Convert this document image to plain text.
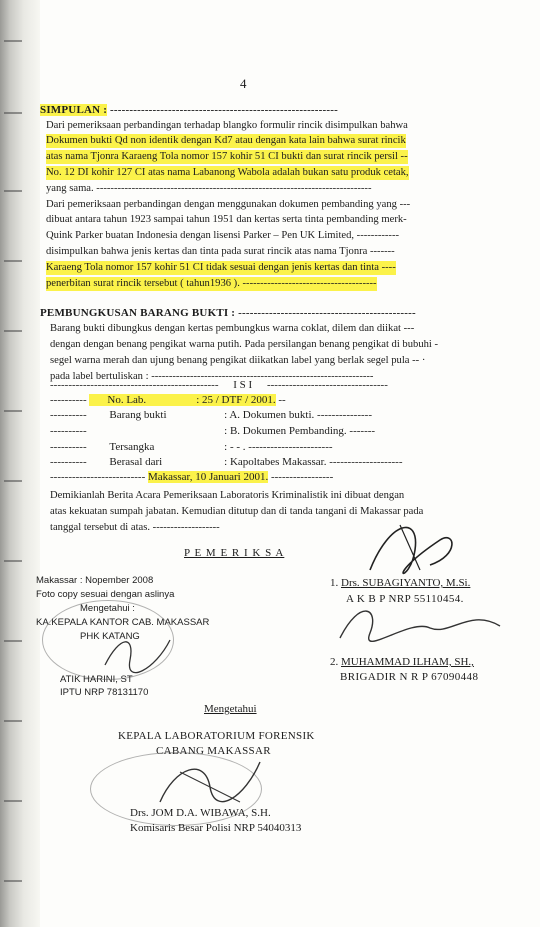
4
SIMPULAN : -----------------------------------------------------------
Dari pemeriksaan perbandingan terhadap blangko formulir rincik disimpulkan bahwa
Dokumen bukti Qd non identik dengan Kd7 atau dengan kata lain bahwa surat rincik
atas nama Tjonra Karaeng Tola nomor 157 kohir 51 CI bukti dan surat rincik persil --
No. 12 DI kohir 127 CI atas nama Labanong Wabola adalah bukan satu produk cetak,
yang sama. ------------------------------------------------------------------------------
Dari pemeriksaan perbandingan dengan menggunakan dokumen pembanding yang ---
dibuat antara tahun 1923 sampai tahun 1951 dan kertas serta tinta pembanding merk-
Quink Parker buatan Indonesia dengan lisensi Parker – Pen UK Limited, ------------
disimpulkan bahwa jenis kertas dan tinta pada surat rincik atas nama Tjonra -------
Karaeng Tola nomor 157 kohir 51 CI tidak sesuai dengan jenis kertas dan tinta ----
penerbitan surat rincik tersebut ( tahun1936 ). --------------------------------------
PEMBUNGKUSAN BARANG BUKTI : ----------------------------------------------
Barang bukti dibungkus dengan kertas pembungkus warna coklat, dilem dan diikat ---
dengan dengan benang pengikat warna putih. Pada persilangan benang pengikat di bubuhi -
segel warna merah dan ujung benang pengikat diikatkan label yang berlak segel pula -- ·
pada label bertuliskan : ---------------------------------------------------------------
---------------------------------------------- I S I ---------------------------------
---------- No. Lab.	: 25 / DTF / 2001. --
---------- Barang bukti	: A. Dokumen bukti. ---------------
----------	: B. Dokumen Pembanding. -------
---------- Tersangka	: - - . -----------------------
---------- Berasal dari	: Kapoltabes Makassar. --------------------
-------------------------- Makassar, 10 Januari 2001. -----------------
Demikianlah Berita Acara Pemeriksaan Laboratoris Kriminalistik ini dibuat dengan
atas kekuatan sumpah jabatan. Kemudian ditutup dan di tanda tangani di Makassar pada
tanggal tersebut di atas. -------------------
P E M E R I K S A
Makassar : Nopember 2008
Foto copy sesuai dengan aslinya
Mengetahui :
KA.KEPALA KANTOR CAB. MAKASSAR
PHK KATANG
ATIK HARINI, ST
IPTU NRP 78131170
1. Drs. SUBAGIYANTO, M.Si.
A K B P NRP 55110454.
2. MUHAMMAD ILHAM, SH.,
BRIGADIR N R P 67090448
Mengetahui
KEPALA LABORATORIUM FORENSIK
CABANG MAKASSAR
Drs. JOM D.A. WIBAWA, S.H.
Komisaris Besar Polisi NRP 54040313
